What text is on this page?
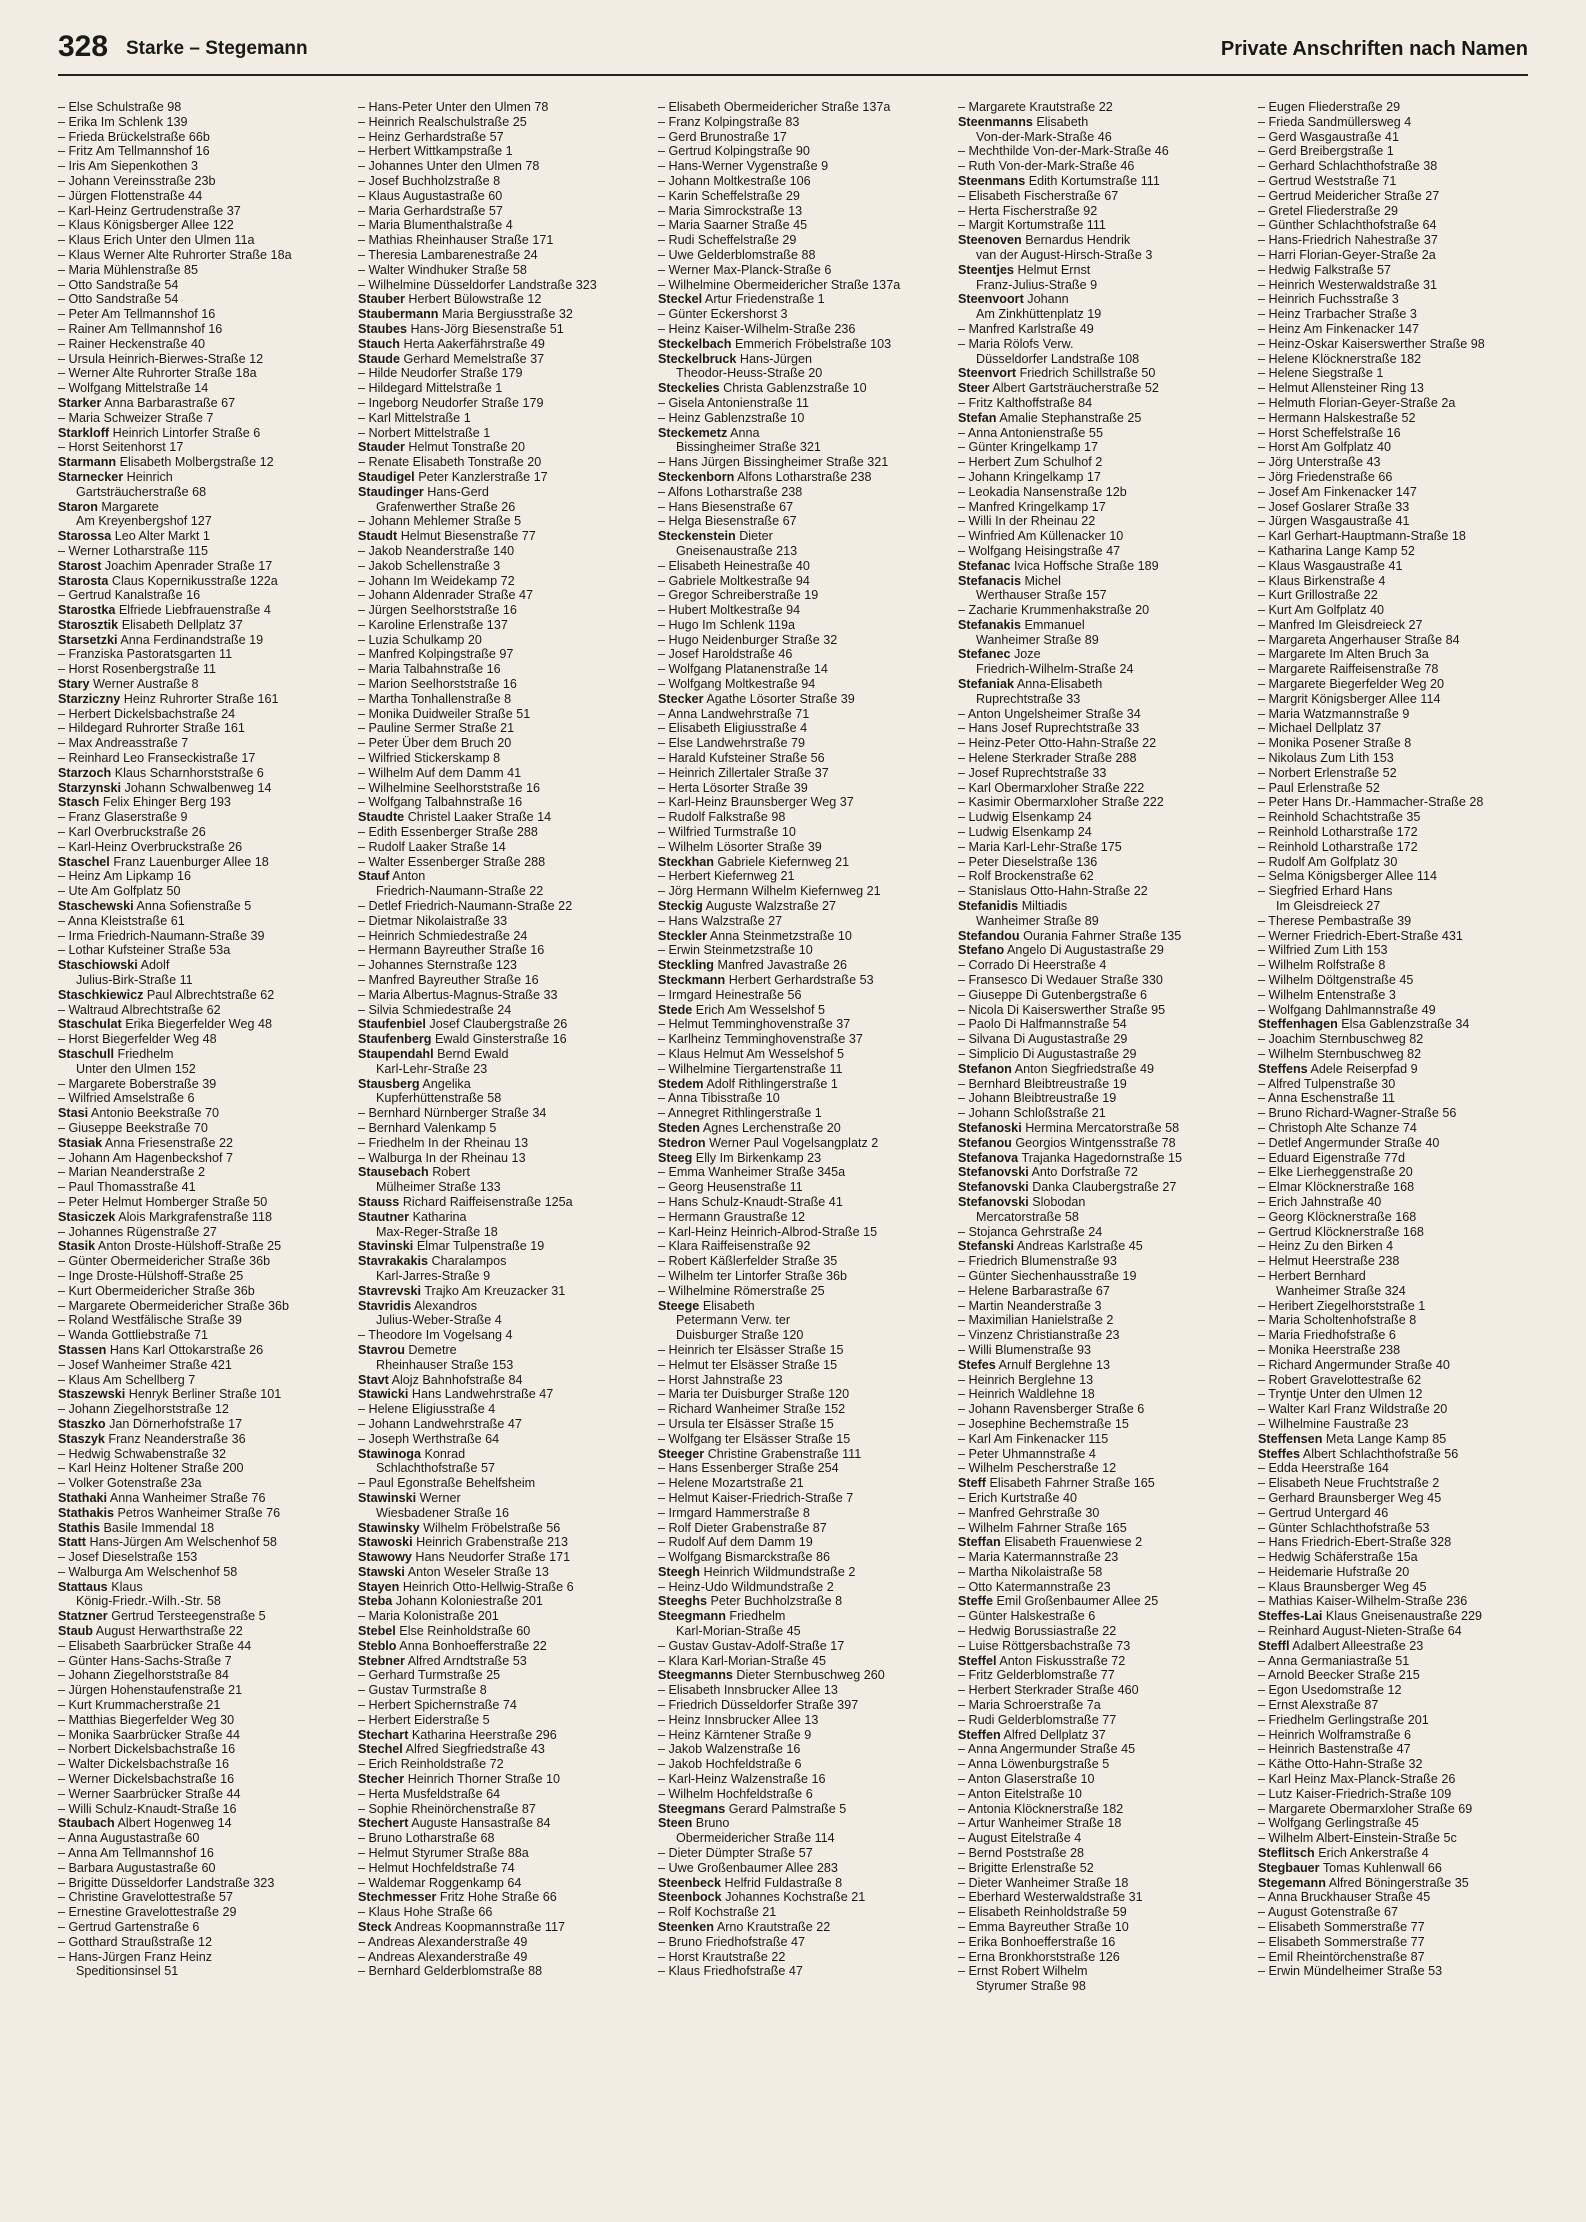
328 Starke – Stegemann	Private Anschriften nach Namen
– Else Schulstraße 98
– Erika Im Schlenk 139
– Frieda Brückelstraße 66b
– Fritz Am Tellmannshof 16
– Iris Am Siepenkothen 3
– Johann Vereinsstraße 23b
– Jürgen Flottenstraße 44
– Karl-Heinz Gertrudenstraße 37
– Klaus Königsberger Allee 122
– Klaus Erich Unter den Ulmen 11a
– Klaus Werner Alte Ruhrorter Straße 18a
– Maria Mühlenstraße 85
– Otto Sandstraße 54
– Otto Sandstraße 54
– Peter Am Tellmannshof 16
– Rainer Am Tellmannshof 16
– Rainer Heckenstraße 40
– Ursula Heinrich-Bierwes-Straße 12
– Werner Alte Ruhrorter Straße 18a
– Wolfgang Mittelstraße 14
Starker Anna Barbarastraße 67
– Maria Schweizer Straße 7
Starkloff Heinrich Lintorfer Straße 6
– Horst Seitenhorst 17
Starmann Elisabeth Molbergstraße 12
Starnecker Heinrich
Gartsträucherstraße 68
Staron Margarete
Am Kreyenbergshof 127
Starossa Leo Alter Markt 1
– Werner Lotharstraße 115
Starost Joachim Apenrader Straße 17
Starosta Claus Kopernikusstraße 122a
– Gertrud Kanalstraße 16
Starostka Elfriede Liebfrauenstraße 4
Starosztik Elisabeth Dellplatz 37
Starsetzki Anna Ferdinandstraße 19
– Franziska Pastoratsgarten 11
– Horst Rosenbergstraße 11
Stary Werner Austraße 8
Starziczny Heinz Ruhrorter Straße 161
– Herbert Dickelsbachstraße 24
– Hildegard Ruhrorter Straße 161
– Max Andreasstraße 7
– Reinhard Leo Franseckistraße 17
Starzoch Klaus Scharnhorststraße 6
Starzynski Johann Schwalbenweg 14
Stasch Felix Ehinger Berg 193
– Franz Glaserstraße 9
– Karl Overbruckstraße 26
– Karl-Heinz Overbruckstraße 26
Staschel Franz Lauenburger Allee 18
– Heinz Am Lipkamp 16
– Ute Am Golfplatz 50
Staschewski Anna Sofienstraße 5
– Anna Kleiststraße 61
– Irma Friedrich-Naumann-Straße 39
– Lothar Kufsteiner Straße 53a
Staschiowski Adolf
Julius-Birk-Straße 11
Staschkiewicz Paul Albrechtstraße 62
– Waltraud Albrechtstraße 62
Staschulat Erika Biegerfelder Weg 48
– Horst Biegerfelder Weg 48
Staschull Friedhelm
Unter den Ulmen 152
– Margarete Boberstraße 39
– Wilfried Amselstraße 6
Stasi Antonio Beekstraße 70
– Giuseppe Beekstraße 70
Stasiak Anna Friesenstraße 22
– Johann Am Hagenbeckshof 7
– Marian Neanderstraße 2
– Paul Thomasstraße 41
– Peter Helmut Homberger Straße 50
Stasiczek Alois Markgrafenstraße 118
– Johannes Rügenstraße 27
Stasik Anton Droste-Hülshoff-Straße 25
– Günter Obermeidericher Straße 36b
– Inge Droste-Hülshoff-Straße 25
– Kurt Obermeidericher Straße 36b
– Margarete Obermeidericher Straße 36b
– Roland Westfälische Straße 39
– Wanda Gottliebstraße 71
Stassen Hans Karl Ottokarstraße 26
– Josef Wanheimer Straße 421
– Klaus Am Schellberg 7
Staszewski Henryk Berliner Straße 101
– Johann Ziegelhorststraße 12
Staszko Jan Dörnerhofstraße 17
Staszyk Franz Neanderstraße 36
– Hedwig Schwabenstraße 32
– Karl Heinz Holtener Straße 200
– Volker Gotenstraße 23a
Stathaki Anna Wanheimer Straße 76
Stathakis Petros Wanheimer Straße 76
Stathis Basile Immendal 18
Statt Hans-Jürgen Am Welschenhof 58
– Josef Dieselstraße 153
– Walburga Am Welschenhof 58
Stattaus Klaus
König-Friedr.-Wilh.-Str. 58
Statzner Gertrud Tersteegenstraße 5
Staub August Herwarthstraße 22
– Elisabeth Saarbrücker Straße 44
– Günter Hans-Sachs-Straße 7
– Johann Ziegelhorststraße 84
– Jürgen Hohenstaufenstraße 21
– Kurt Krummacherstraße 21
– Matthias Biegerfelder Weg 30
– Monika Saarbrücker Straße 44
– Norbert Dickelsbachstraße 16
– Walter Dickelsbachstraße 16
– Werner Dickelsbachstraße 16
– Werner Saarbrücker Straße 44
– Willi Schulz-Knaudt-Straße 16
Staubach Albert Hogenweg 14
– Anna Augustastraße 60
– Anna Am Tellmannshof 16
– Barbara Augustastraße 60
– Brigitte Düsseldorfer Landstraße 323
– Christine Gravelottestraße 57
– Ernestine Gravelottestraße 29
– Gertrud Gartenstraße 6
– Gotthard Straußstraße 12
– Hans-Jürgen Franz Heinz
Speditionsinsel 51
– Hans-Peter Unter den Ulmen 78
– Heinrich Realschulstraße 25
– Heinz Gerhardstraße 57
– Herbert Wittkampstraße 1
– Johannes Unter den Ulmen 78
– Josef Buchholzstraße 8
– Klaus Augustastraße 60
– Maria Gerhardstraße 57
– Maria Blumenthalstraße 4
– Mathias Rheinhauser Straße 171
– Theresia Lambarenestraße 24
– Walter Windhuker Straße 58
– Wilhelmine Düsseldorfer Landstraße 323
Stauber Herbert Bülowstraße 12
Staubermann Maria Bergiusstraße 32
Staubes Hans-Jörg Biesenstraße 51
Stauch Herta Aakerfährstraße 49
Staude Gerhard Memelstraße 37
– Hilde Neudorfer Straße 179
– Hildegard Mittelstraße 1
– Ingeborg Neudorfer Straße 179
– Karl Mittelstraße 1
– Norbert Mittelstraße 1
Stauder Helmut Tonstraße 20
– Renate Elisabeth Tonstraße 20
Staudigel Peter Kanzlerstraße 17
Staudinger Hans-Gerd
Grafenwerther Straße 26
– Johann Mehlemer Straße 5
Staudt Helmut Biesenstraße 77
– Jakob Neanderstraße 140
– Jakob Schellenstraße 3
– Johann Im Weidekamp 72
– Johann Aldenrader Straße 47
– Jürgen Seelhorststraße 16
– Karoline Erlenstraße 137
– Luzia Schulkamp 20
– Manfred Kolpingstraße 97
– Maria Talbahnstraße 16
– Marion Seelhorststraße 16
– Martha Tonhallenstraße 8
– Monika Duidweiler Straße 51
– Pauline Sermer Straße 21
– Peter Über dem Bruch 20
– Wilfried Stickerskamp 8
– Wilhelm Auf dem Damm 41
– Wilhelmine Seelhorststraße 16
– Wolfgang Talbahnstraße 16
Staudte Christel Laaker Straße 14
– Edith Essenberger Straße 288
– Rudolf Laaker Straße 14
– Walter Essenberger Straße 288
Stauf Anton
Friedrich-Naumann-Straße 22
– Detlef Friedrich-Naumann-Straße 22
– Dietmar Nikolaistraße 33
– Heinrich Schmiedestraße 24
– Hermann Bayreuther Straße 16
– Johannes Sternstraße 123
– Manfred Bayreuther Straße 16
– Maria Albertus-Magnus-Straße 33
– Silvia Schmiedestraße 24
Staufenbiel Josef Claubergstraße 26
Staufenberg Ewald Ginsterstraße 16
Staupendahl Bernd Ewald
Karl-Lehr-Straße 23
Stausberg Angelika
Kupferhüttenstraße 58
– Bernhard Nürnberger Straße 34
– Bernhard Valenkamp 5
– Friedhelm In der Rheinau 13
– Walburga In der Rheinau 13
Stausebach Robert
Mülheimer Straße 133
Stauss Richard Raiffeisenstraße 125a
Stautner Katharina
Max-Reger-Straße 18
Stavinski Elmar Tulpenstraße 19
Stavrakakis Charalampos
Karl-Jarres-Straße 9
Stavrevski Trajko Am Kreuzacker 31
Stavridis Alexandros
Julius-Weber-Straße 4
– Theodore Im Vogelsang 4
Stavrou Demetre
Rheinhauser Straße 153
Stavt Alojz Bahnhofstraße 84
Stawicki Hans Landwehrstraße 47
– Helene Eligiusstraße 4
– Johann Landwehrstraße 47
– Joseph Werthstraße 64
Stawinoga Konrad
Schlachthofstraße 57
– Paul Egonstraße Behelfsheim
Stawinski Werner
Wiesbadener Straße 16
Stawinsky Wilhelm Fröbelstraße 56
Stawoski Heinrich Grabenstraße 213
Stawowy Hans Neudorfer Straße 171
Stawski Anton Weseler Straße 13
Stayen Heinrich Otto-Hellwig-Straße 6
Steba Johann Koloniestraße 201
– Maria Kolonistraße 201
Stebel Else Reinholdstraße 60
Steblo Anna Bonhoefferstraße 22
Stebner Alfred Arndtstraße 53
– Gerhard Turmstraße 25
– Gustav Turmstraße 8
– Herbert Spichernstraße 74
– Herbert Eiderstraße 5
Stechart Katharina Heerstraße 296
Stechel Alfred Siegfriedstraße 43
– Erich Reinholdstraße 72
Stecher Heinrich Thorner Straße 10
– Herta Musfeldstraße 64
– Sophie Rheinörchenstraße 87
Stechert Auguste Hansastraße 84
– Bruno Lotharstraße 68
– Helmut Styrumer Straße 88a
– Helmut Hochfeldstraße 74
– Waldemar Roggenkamp 64
Stechmesser Fritz Hohe Straße 66
– Klaus Hohe Straße 66
Steck Andreas Koopmannstraße 117
– Andreas Alexanderstraße 49
– Andreas Alexanderstraße 49
– Bernhard Gelderblomstraße 88
– Elisabeth Obermeidericher Straße 137a
– Franz Kolpingstraße 83
– Gerd Brunostraße 17
– Gertrud Kolpingstraße 90
– Hans-Werner Vygenstraße 9
– Johann Moltkestraße 106
– Karin Scheffelstraße 29
– Maria Simrockstraße 13
– Maria Saarner Straße 45
– Rudi Scheffelstraße 29
– Uwe Gelderblomstraße 88
– Werner Max-Planck-Straße 6
– Wilhelmine Obermeidericher Straße 137a
Steckel Artur Friedenstraße 1
– Günter Eckershorst 3
– Heinz Kaiser-Wilhelm-Straße 236
Steckelbach Emmerich Fröbelstraße 103
Steckelbruck Hans-Jürgen
Theodor-Heuss-Straße 20
Steckelies Christa Gablenzstraße 10
– Gisela Antonienstraße 11
– Heinz Gablenzstraße 10
Steckemetz Anna
Bissingheimer Straße 321
– Hans Jürgen Bissingheimer Straße 321
Steckenborn Alfons Lotharstraße 238
– Alfons Lotharstraße 238
– Hans Biesenstraße 67
– Helga Biesenstraße 67
Steckenstein Dieter
Gneisenaustraße 213
– Elisabeth Heinestraße 40
– Gabriele Moltkestraße 94
– Gregor Schreiberstraße 19
– Hubert Moltkestraße 94
– Hugo Im Schlenk 119a
– Hugo Neidenburger Straße 32
– Josef Haroldstraße 46
– Wolfgang Platanenstraße 14
– Wolfgang Moltkestraße 94
Stecker Agathe Lösorter Straße 39
– Anna Landwehrstraße 71
– Elisabeth Eligiusstraße 4
– Else Landwehrstraße 79
– Harald Kufsteiner Straße 56
– Heinrich Zillertaler Straße 37
– Herta Lösorter Straße 39
– Karl-Heinz Braunsberger Weg 37
– Rudolf Falkstraße 98
– Wilfried Turmstraße 10
– Wilhelm Lösorter Straße 39
Steckhan Gabriele Kiefernweg 21
– Herbert Kiefernweg 21
– Jörg Hermann Wilhelm Kiefernweg 21
Steckig Auguste Walzstraße 27
– Hans Walzstraße 27
Steckler Anna Steinmetzstraße 10
– Erwin Steinmetzstraße 10
Steckling Manfred Javastraße 26
Steckmann Herbert Gerhardstraße 53
– Irmgard Heinestraße 56
Stede Erich Am Wesselshof 5
– Helmut Temminghovenstraße 37
– Karlheinz Temminghovenstraße 37
– Klaus Helmut Am Wesselshof 5
– Wilhelmine Tiergartenstraße 11
Stedem Adolf Rithlingerstraße 1
– Anna Tibisstraße 10
– Annegret Rithlingerstraße 1
Steden Agnes Lerchenstraße 20
Stedron Werner Paul Vogelsangplatz 2
Steeg Elly Im Birkenkamp 23
– Emma Wanheimer Straße 345a
– Georg Heusenstraße 11
– Hans Schulz-Knaudt-Straße 41
– Hermann Graustraße 12
– Karl-Heinz Heinrich-Albrod-Straße 15
– Klara Raiffeisenstraße 92
– Robert Käßlerfelder Straße 35
– Wilhelm ter Lintorfer Straße 36b
– Wilhelmine Römerstraße 25
Steege Elisabeth
Petermann Verw. ter
Duisburger Straße 120
– Heinrich ter Elsässer Straße 15
– Helmut ter Elsässer Straße 15
– Horst Jahnstraße 23
– Maria ter Duisburger Straße 120
– Richard Wanheimer Straße 152
– Ursula ter Elsässer Straße 15
– Wolfgang ter Elsässer Straße 15
Steeger Christine Grabenstraße 111
– Hans Essenberger Straße 254
– Helene Mozartstraße 21
– Helmut Kaiser-Friedrich-Straße 7
– Irmgard Hammerstraße 8
– Rolf Dieter Grabenstraße 87
– Rudolf Auf dem Damm 19
– Wolfgang Bismarckstraße 86
Steegh Heinrich Wildmundstraße 2
– Heinz-Udo Wildmundstraße 2
Steeghs Peter Buchholzstraße 8
Steegmann Friedhelm
Karl-Morian-Straße 45
– Gustav Gustav-Adolf-Straße 17
– Klara Karl-Morian-Straße 45
Steegmanns Dieter Sternbuschweg 260
– Elisabeth Innsbrucker Allee 13
– Friedrich Düsseldorfer Straße 397
– Heinz Innsbrucker Allee 13
– Heinz Kärntener Straße 9
– Jakob Walzenstraße 16
– Jakob Hochfeldstraße 6
– Karl-Heinz Walzenstraße 16
– Wilhelm Hochfeldstraße 6
Steegmans Gerard Palmstraße 5
Steen Bruno
Obermeidericher Straße 114
– Dieter Dümpter Straße 57
– Uwe Großenbaumer Allee 283
Steenbeck Helfrid Fuldastraße 8
Steenbock Johannes Kochstraße 21
– Rolf Kochstraße 21
Steenken Arno Krautstraße 22
– Bruno Friedhofstraße 47
– Horst Krautstraße 22
– Klaus Friedhofstraße 47
– Margarete Krautstraße 22
Steenmanns Elisabeth
Von-der-Mark-Straße 46
– Mechthilde Von-der-Mark-Straße 46
– Ruth Von-der-Mark-Straße 46
Steenmans Edith Kortumstraße 111
– Elisabeth Fischerstraße 67
– Herta Fischerstraße 92
– Margit Kortumstraße 111
Steenoven Bernardus Hendrik
van der August-Hirsch-Straße 3
Steentjes Helmut Ernst
Franz-Julius-Straße 9
Steenvoort Johann
Am Zinkhüttenplatz 19
– Manfred Karlstraße 49
– Maria Rölofs Verw.
Düsseldorfer Landstraße 108
Steenvort Friedrich Schillstraße 50
Steer Albert Gartsträucherstraße 52
– Fritz Kalthoffstraße 84
Stefan Amalie Stephanstraße 25
– Anna Antonienstraße 55
– Günter Kringelkamp 17
– Herbert Zum Schulhof 2
– Johann Kringelkamp 17
– Leokadia Nansenstraße 12b
– Manfred Kringelkamp 17
– Willi In der Rheinau 22
– Winfried Am Küllenacker 10
– Wolfgang Heisingstraße 47
Stefanac Ivica Hoffsche Straße 189
Stefanacis Michel
Werthauser Straße 157
– Zacharie Krummenhakstraße 20
Stefanakis Emmanuel
Wanheimer Straße 89
Stefanec Joze
Friedrich-Wilhelm-Straße 24
Stefaniak Anna-Elisabeth
Ruprechtstraße 33
– Anton Ungelsheimer Straße 34
– Hans Josef Ruprechtstraße 33
– Heinz-Peter Otto-Hahn-Straße 22
– Helene Sterkrader Straße 288
– Josef Ruprechtstraße 33
– Karl Obermarxloher Straße 222
– Kasimir Obermarxloher Straße 222
– Ludwig Elsenkamp 24
– Ludwig Elsenkamp 24
– Maria Karl-Lehr-Straße 175
– Peter Dieselstraße 136
– Rolf Brockenstraße 62
– Stanislaus Otto-Hahn-Straße 22
Stefanidis Miltiadis
Wanheimer Straße 89
Stefandou Ourania Fahrner Straße 135
Stefano Angelo Di Augustastraße 29
– Corrado Di Heerstraße 4
– Fransesco Di Wedauer Straße 330
– Giuseppe Di Gutenbergstraße 6
– Nicola Di Kaiserswerther Straße 95
– Paolo Di Halfmannstraße 54
– Silvana Di Augustastraße 29
– Simplicio Di Augustastraße 29
Stefanon Anton Siegfriedstraße 49
– Bernhard Bleibtreustraße 19
– Johann Bleibtreustraße 19
– Johann Schloßstraße 21
Stefanoski Hermina Mercatorstraße 58
Stefanou Georgios Wintgensstraße 78
Stefanova Trajanka Hagedornstraße 15
Stefanovski Anto Dorfstraße 72
Stefanovski Danka Claubergstraße 27
Stefanovski Slobodan
Mercatorstraße 58
– Stojanca Gehrstraße 24
Stefanski Andreas Karlstraße 45
– Friedrich Blumenstraße 93
– Günter Siechenhausstraße 19
– Helene Barbarastraße 67
– Martin Neanderstraße 3
– Maximilian Hanielstraße 2
– Vinzenz Christianstraße 23
– Willi Blumenstraße 93
Stefes Arnulf Berglehne 13
– Heinrich Berglehne 13
– Heinrich Waldlehne 18
– Johann Ravensberger Straße 6
– Josephine Bechemstraße 15
– Karl Am Finkenacker 115
– Peter Uhmannstraße 4
– Wilhelm Pescherstraße 12
Steff Elisabeth Fahrner Straße 165
– Erich Kurtstraße 40
– Manfred Gehrstraße 30
– Wilhelm Fahrner Straße 165
Steffan Elisabeth Frauenwiese 2
– Maria Katermannstraße 23
– Martha Nikolaistraße 58
– Otto Katermannstraße 23
Steffe Emil Großenbaumer Allee 25
– Günter Halskestraße 6
– Hedwig Borussiastraße 22
– Luise Röttgersbachstraße 73
Steffel Anton Fiskusstraße 72
– Fritz Gelderblomstraße 77
– Herbert Sterkrader Straße 460
– Maria Schroerstraße 7a
– Rudi Gelderblomstraße 77
Steffen Alfred Dellplatz 37
– Anna Angermunder Straße 45
– Anna Löwenburgstraße 5
– Anton Glaserstraße 10
– Anton Eitelstraße 10
– Antonia Klöcknerstraße 182
– Artur Wanheimer Straße 18
– August Eitelstraße 4
– Bernd Poststraße 28
– Brigitte Erlenstraße 52
– Dieter Wanheimer Straße 18
– Eberhard Westerwaldstraße 31
– Elisabeth Reinholdstraße 59
– Emma Bayreuther Straße 10
– Erika Bonhoefferstraße 16
– Erna Bronkhorststraße 126
– Ernst Robert Wilhelm
Styrumer Straße 98
– Eugen Fliederstraße 29
– Frieda Sandmüllersweg 4
– Gerd Wasgaustraße 41
– Gerd Breibergstraße 1
– Gerhard Schlachthofstraße 38
– Gertrud Weststraße 71
– Gertrud Meidericher Straße 27
– Gretel Fliederstraße 29
– Günther Schlachthofstraße 64
– Hans-Friedrich Nahestraße 37
– Harri Florian-Geyer-Straße 2a
– Hedwig Falkstraße 57
– Heinrich Westerwaldstraße 31
– Heinrich Fuchsstraße 3
– Heinz Trarbacher Straße 3
– Heinz Am Finkenacker 147
– Heinz-Oskar Kaiserswerther Straße 98
– Helene Klöcknerstraße 182
– Helene Siegstraße 1
– Helmut Allensteiner Ring 13
– Helmuth Florian-Geyer-Straße 2a
– Hermann Halskestraße 52
– Horst Scheffelstraße 16
– Horst Am Golfplatz 40
– Jörg Unterstraße 43
– Jörg Friedenstraße 66
– Josef Am Finkenacker 147
– Josef Goslarer Straße 33
– Jürgen Wasgaustraße 41
– Karl Gerhart-Hauptmann-Straße 18
– Katharina Lange Kamp 52
– Klaus Wasgaustraße 41
– Klaus Birkenstraße 4
– Kurt Grillostraße 22
– Kurt Am Golfplatz 40
– Manfred Im Gleisdreieck 27
– Margareta Angerhauser Straße 84
– Margarete Im Alten Bruch 3a
– Margarete Raiffeisenstraße 78
– Margarete Biegerfelder Weg 20
– Margrit Königsberger Allee 114
– Maria Watzmannstraße 9
– Michael Dellplatz 37
– Monika Posener Straße 8
– Nikolaus Zum Lith 153
– Norbert Erlenstraße 52
– Paul Erlenstraße 52
– Peter Hans Dr.-Hammacher-Straße 28
– Reinhold Schachtstraße 35
– Reinhold Lotharstraße 172
– Reinhold Lotharstraße 172
– Rudolf Am Golfplatz 30
– Selma Königsberger Allee 114
– Siegfried Erhard Hans
Im Gleisdreieck 27
– Therese Pembastraße 39
– Werner Friedrich-Ebert-Straße 431
– Wilfried Zum Lith 153
– Wilhelm Rolfstraße 8
– Wilhelm Döltgenstraße 45
– Wilhelm Entenstraße 3
– Wolfgang Dahlmannstraße 49
Steffenhagen Elsa Gablenzstraße 34
– Joachim Sternbuschweg 82
– Wilhelm Sternbuschweg 82
Steffens Adele Reiserpfad 9
– Alfred Tulpenstraße 30
– Anna Eschenstraße 11
– Bruno Richard-Wagner-Straße 56
– Christoph Alte Schanze 74
– Detlef Angermunder Straße 40
– Eduard Eigenstraße 77d
– Elke Lierheggenstraße 20
– Elmar Klöcknerstraße 168
– Erich Jahnstraße 40
– Georg Klöcknerstraße 168
– Gertrud Klöcknerstraße 168
– Heinz Zu den Birken 4
– Helmut Heerstraße 238
– Herbert Bernhard
Wanheimer Straße 324
– Heribert Ziegelhorststraße 1
– Maria Scholtenhofstraße 8
– Maria Friedhofstraße 6
– Monika Heerstraße 238
– Richard Angermunder Straße 40
– Robert Gravelottestraße 62
– Tryntje Unter den Ulmen 12
– Walter Karl Franz Wildstraße 20
– Wilhelmine Faustraße 23
Steffensen Meta Lange Kamp 85
Steffes Albert Schlachthofstraße 56
– Edda Heerstraße 164
– Elisabeth Neue Fruchtstraße 2
– Gerhard Braunsberger Weg 45
– Gertrud Untergard 46
– Günter Schlachthofstraße 53
– Hans Friedrich-Ebert-Straße 328
– Hedwig Schäferstraße 15a
– Heidemarie Hufstraße 20
– Klaus Braunsberger Weg 45
– Mathias Kaiser-Wilhelm-Straße 236
Steffes-Lai Klaus Gneisenaustraße 229
– Reinhard August-Nieten-Straße 64
Steffl Adalbert Alleestraße 23
– Anna Germaniastraße 51
– Arnold Beecker Straße 215
– Egon Usedomstraße 12
– Ernst Alexstraße 87
– Friedhelm Gerlingstraße 201
– Heinrich Wolframstraße 6
– Heinrich Bastenstraße 47
– Käthe Otto-Hahn-Straße 32
– Karl Heinz Max-Planck-Straße 26
– Lutz Kaiser-Friedrich-Straße 109
– Margarete Obermarxloher Straße 69
– Wolfgang Gerlingstraße 45
– Wilhelm Albert-Einstein-Straße 5c
Steflitsch Erich Ankerstraße 4
Stegbauer Tomas Kuhlenwall 66
Stegemann Alfred Böningerstraße 35
– Anna Bruckhauser Straße 45
– August Gotenstraße 67
– Elisabeth Sommerstraße 77
– Elisabeth Sommerstraße 77
– Emil Rheintörchenstraße 87
– Erwin Mündelheimer Straße 53
